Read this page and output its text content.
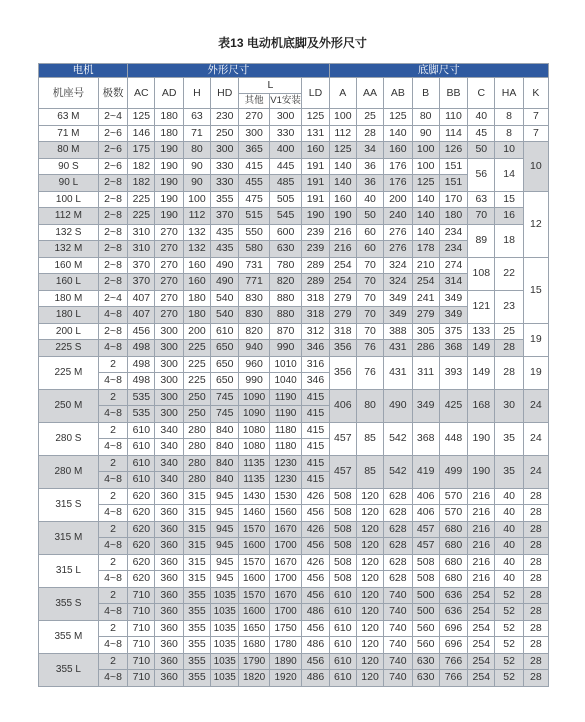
表13 电动机底脚及外形尺寸
电机		外形尺寸							底脚尺寸							
机座号	极数	AC	AD	H	HD	L		LD	A	AA	AB	B	BB	C	HA	K
						其他	V1安装									
63 M	2~4	125	180	63	230	270	300	125	100	25	125	80	110	40	8	7
71 M	2~6	146	180	71	250	300	330	131	112	28	140	90	114	45	8	7
80 M	2~6	175	190	80	300	365	400	160	125	34	160	100	126	50	10	10
90 S	2~6	182	190	90	330	415	445	191	140	36	176	100	151	56	14	
90 L	2~8	182	190	90	330	455	485	191	140	36	176	125	151			
100 L	2~8	225	190	100	355	475	505	191	160	40	200	140	170	63	15	12
112 M	2~8	225	190	112	370	515	545	190	190	50	240	140	180	70	16	
132 S	2~8	310	270	132	435	550	600	239	216	60	276	140	234	89	18	
132 M	2~8	310	270	132	435	580	630	239	216	60	276	178	234			
160 M	2~8	370	270	160	490	731	780	289	254	70	324	210	274	108	22	15
160 L	2~8	370	270	160	490	771	820	289	254	70	324	254	314			
180 M	2~4	407	270	180	540	830	880	318	279	70	349	241	349	121	23	
180 L	4~8	407	270	180	540	830	880	318	279	70	349	279	349			
200 L	2~8	456	300	200	610	820	870	312	318	70	388	305	375	133	25	19
225 S	4~8	498	300	225	650	940	990	346	356	76	431	286	368	149	28	
225 M	2	498	300	225	650	960	1010	316	356	76	431	311	393	149	28	19
	4~8	498	300	225	650	990	1040	346								
250 M	2	535	300	250	745	1090	1190	415	406	80	490	349	425	168	30	24
	4~8	535	300	250	745	1090	1190	415								
280 S	2	610	340	280	840	1080	1180	415	457	85	542	368	448	190	35	24
	4~8	610	340	280	840	1080	1180	415								
280 M	2	610	340	280	840	1135	1230	415	457	85	542	419	499	190	35	24
	4~8	610	340	280	840	1135	1230	415								
315 S	2	620	360	315	945	1430	1530	426	508	120	628	406	570	216	40	28
	4~8	620	360	315	945	1460	1560	456	508	120	628	406	570	216	40	28
315 M	2	620	360	315	945	1570	1670	426	508	120	628	457	680	216	40	28
	4~8	620	360	315	945	1600	1700	456	508	120	628	457	680	216	40	28
315 L	2	620	360	315	945	1570	1670	426	508	120	628	508	680	216	40	28
	4~8	620	360	315	945	1600	1700	456	508	120	628	508	680	216	40	28
355 S	2	710	360	355	1035	1570	1670	456	610	120	740	500	636	254	52	28
	4~8	710	360	355	1035	1600	1700	486	610	120	740	500	636	254	52	28
355 M	2	710	360	355	1035	1650	1750	456	610	120	740	560	696	254	52	28
	4~8	710	360	355	1035	1680	1780	486	610	120	740	560	696	254	52	28
355 L	2	710	360	355	1035	1790	1890	456	610	120	740	630	766	254	52	28
	4~8	710	360	355	1035	1820	1920	486	610	120	740	630	766	254	52	28
